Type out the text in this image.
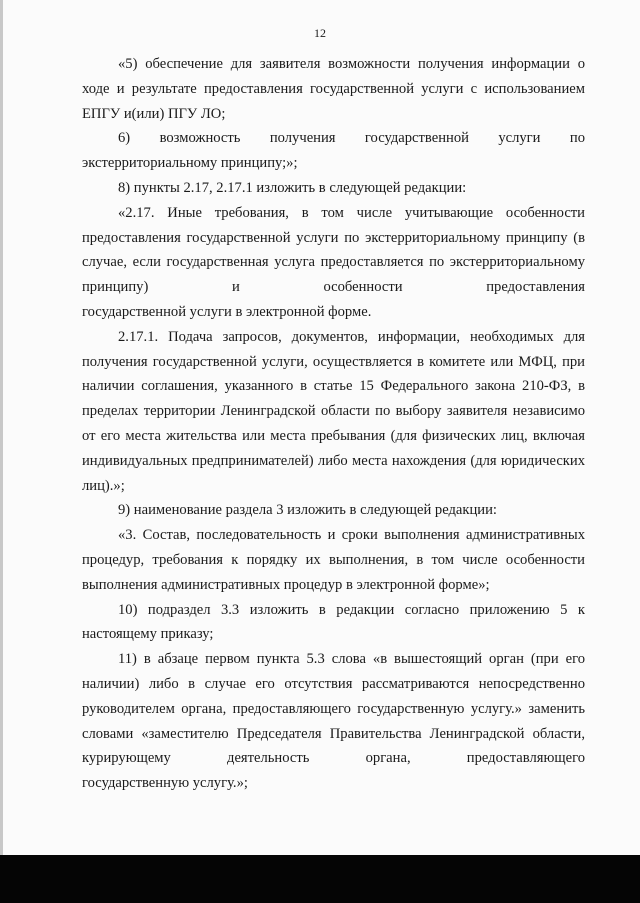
12

«5) обеспечение для заявителя возможности получения информации о ходе и результате предоставления государственной услуги с использованием ЕПГУ и(или) ПГУ ЛО;

6) возможность получения государственной услуги по

экстерриториальному принципу;»;

8) пункты 2.17, 2.17.1 изложить в следующей редакции:

«2.17. Иные требования, в том числе учитывающие особенности предоставления государственной услуги по экстерриториальному принципу (в случае, если государственная услуга предоставляется по экстерриториальному принципу) и особенности предоставления

государственной услуги в электронной форме.

2.17.1. Подача запросов, документов, информации, необходимых для получения государственной услуги, осуществляется в комитете или МФЦ, при наличии соглашения, указанного в статье 15 Федерального закона 210-ФЗ, в пределах территории Ленинградской области по выбору заявителя независимо от его места жительства или места пребывания (для физических лиц, включая индивидуальных предпринимателей) либо места нахождения (для юридических лиц).»;

9) наименование раздела 3 изложить в следующей редакции:

«3. Состав, последовательность и сроки выполнения административных процедур, требования к порядку их выполнения, в том числе особенности выполнения административных процедур в электронной форме»;

10) подраздел 3.3 изложить в редакции согласно приложению 5 к настоящему приказу;

11) в абзаце первом пункта 5.3 слова «в вышестоящий орган (при его наличии) либо в случае его отсутствия рассматриваются непосредственно руководителем органа, предоставляющего государственную услугу.» заменить словами «заместителю Председателя Правительства Ленинградской области, курирующему деятельность органа, предоставляющего

государственную услугу.»;
